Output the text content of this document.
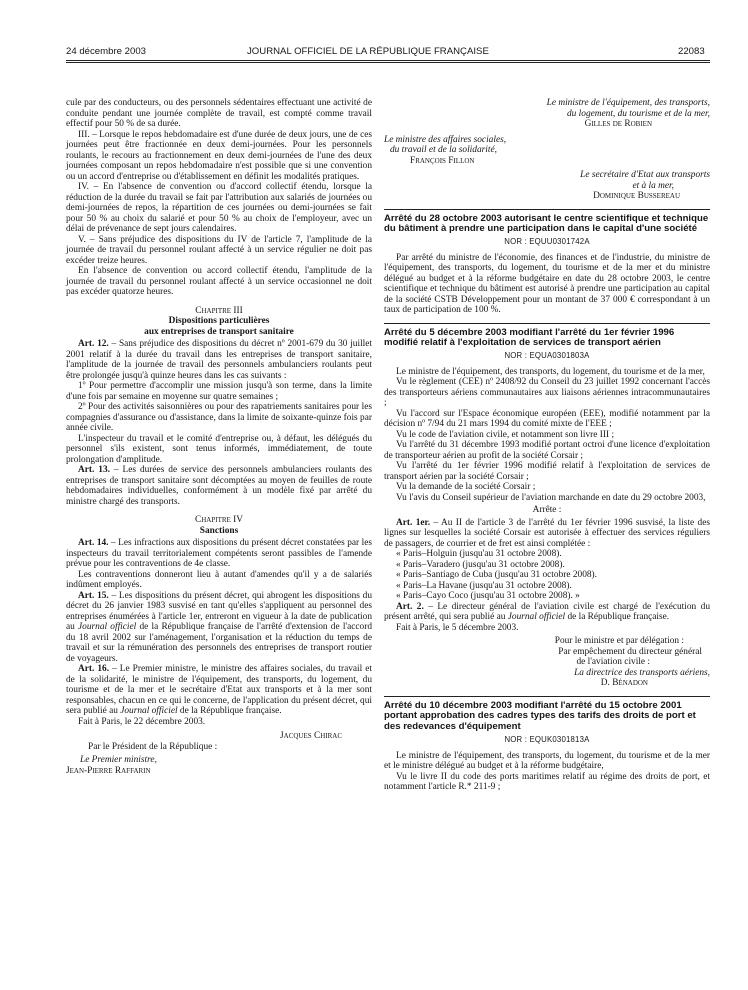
24 décembre 2003	JOURNAL OFFICIEL DE LA RÉPUBLIQUE FRANÇAISE	22083

cule par des conducteurs, ou des personnels sédentaires effectuant une activité de conduite pendant une journée complète de travail, est compté comme travail effectif pour 50 % de sa durée.

III. – Lorsque le repos hebdomadaire est d'une durée de deux jours, une de ces journées peut être fractionnée en deux demi-journées. Pour les personnels roulants, le recours au fractionnement en deux demi-journées de l'une des deux journées composant un repos hebdomadaire n'est possible que si une convention ou un accord d'entreprise ou d'établissement en définit les modalités pratiques.

IV. – En l'absence de convention ou d'accord collectif étendu, lorsque la réduction de la durée du travail se fait par l'attribution aux salariés de journées ou demi-journées de repos, la répartition de ces journées ou demi-journées se fait pour 50 % au choix du salarié et pour 50 % au choix de l'employeur, avec un délai de prévenance de sept jours calendaires.

V. – Sans préjudice des dispositions du IV de l'article 7, l'amplitude de la journée de travail du personnel roulant affecté à un service régulier ne doit pas excéder treize heures.

En l'absence de convention ou accord collectif étendu, l'amplitude de la journée de travail du personnel roulant affecté à un service occasionnel ne doit pas excéder quatorze heures.

Chapitre III

Dispositions particulières

aux entreprises de transport sanitaire

Art. 12. – Sans préjudice des dispositions du décret nº 2001-679 du 30 juillet 2001 relatif à la durée du travail dans les entreprises de transport sanitaire, l'amplitude de la journée de travail des personnels ambulanciers roulants peut être prolongée jusqu'à quinze heures dans les cas suivants :

1º Pour permettre d'accomplir une mission jusqu'à son terme, dans la limite d'une fois par semaine en moyenne sur quatre semaines ;

2º Pour des activités saisonnières ou pour des rapatriements sanitaires pour les compagnies d'assurance ou d'assistance, dans la limite de soixante-quinze fois par année civile.

L'inspecteur du travail et le comité d'entreprise ou, à défaut, les délégués du personnel s'ils existent, sont tenus informés, immédiatement, de toute prolongation d'amplitude.

Art. 13. – Les durées de service des personnels ambulanciers roulants des entreprises de transport sanitaire sont décomptées au moyen de feuilles de route hebdomadaires individuelles, conformément à un modèle fixé par arrêté du ministre chargé des transports.

Chapitre IV

Sanctions

Art. 14. – Les infractions aux dispositions du présent décret constatées par les inspecteurs du travail territorialement compétents seront passibles de l'amende prévue pour les contraventions de 4e classe.

Les contraventions donneront lieu à autant d'amendes qu'il y a de salariés indûment employés.

Art. 15. – Les dispositions du présent décret, qui abrogent les dispositions du décret du 26 janvier 1983 susvisé en tant qu'elles s'appliquent au personnel des entreprises énumérées à l'article 1er, entreront en vigueur à la date de publication au Journal officiel de la République française de l'arrêté d'extension de l'accord du 18 avril 2002 sur l'aménagement, l'organisation et la réduction du temps de travail et sur la rémunération des personnels des entreprises de transport routier de voyageurs.

Art. 16. – Le Premier ministre, le ministre des affaires sociales, du travail et de la solidarité, le ministre de l'équipement, des transports, du logement, du tourisme et de la mer et le secrétaire d'Etat aux transports et à la mer sont responsables, chacun en ce qui le concerne, de l'application du présent décret, qui sera publié au Journal officiel de la République française.

Fait à Paris, le 22 décembre 2003.

Jacques Chirac

Par le Président de la République :

Le Premier ministre,

Jean-Pierre Raffarin

Le ministre de l'équipement, des transports,

du logement, du tourisme et de la mer,

Gilles de Robien

Le ministre des affaires sociales,

du travail et de la solidarité,

François Fillon

Le secrétaire d'Etat aux transports

et à la mer,

Dominique Bussereau

Arrêté du 28 octobre 2003 autorisant le centre scientifique et technique du bâtiment à prendre une participation dans le capital d'une société

NOR : EQUU0301742A

Par arrêté du ministre de l'économie, des finances et de l'industrie, du ministre de l'équipement, des transports, du logement, du tourisme et de la mer et du ministre délégué au budget et à la réforme budgétaire en date du 28 octobre 2003, le centre scientifique et technique du bâtiment est autorisé à prendre une participation au capital de la société CSTB Développement pour un montant de 37 000 € correspondant à un taux de participation de 100 %.

Arrêté du 5 décembre 2003 modifiant l'arrêté du 1er février 1996 modifié relatif à l'exploitation de services de transport aérien

NOR : EQUA0301803A

Le ministre de l'équipement, des transports, du logement, du tourisme et de la mer,

Vu le règlement (CEE) nº 2408/92 du Conseil du 23 juillet 1992 concernant l'accès des transporteurs aériens communautaires aux liaisons aériennes intracommunautaires ;

Vu l'accord sur l'Espace économique européen (EEE), modifié notamment par la décision nº 7/94 du 21 mars 1994 du comité mixte de l'EEE ;

Vu le code de l'aviation civile, et notamment son livre III ;

Vu l'arrêté du 31 décembre 1993 modifié portant octroi d'une licence d'exploitation de transporteur aérien au profit de la société Corsair ;

Vu l'arrêté du 1er février 1996 modifié relatif à l'exploitation de services de transport aérien par la société Corsair ;

Vu la demande de la société Corsair ;

Vu l'avis du Conseil supérieur de l'aviation marchande en date du 29 octobre 2003,

Arrête :

Art. 1er. – Au II de l'article 3 de l'arrêté du 1er février 1996 susvisé, la liste des lignes sur lesquelles la société Corsair est autorisée à effectuer des services réguliers de passagers, de courrier et de fret est ainsi complétée :

« Paris–Holguin (jusqu'au 31 octobre 2008).

« Paris–Varadero (jusqu'au 31 octobre 2008).

« Paris–Santiago de Cuba (jusqu'au 31 octobre 2008).

« Paris–La Havane (jusqu'au 31 octobre 2008).

« Paris–Cayo Coco (jusqu'au 31 octobre 2008). »

Art. 2. – Le directeur général de l'aviation civile est chargé de l'exécution du présent arrêté, qui sera publié au Journal officiel de la République française.

Fait à Paris, le 5 décembre 2003.

Pour le ministre et par délégation :

Par empêchement du directeur général

de l'aviation civile :

La directrice des transports aériens,

D. Bénadon

Arrêté du 10 décembre 2003 modifiant l'arrêté du 15 octobre 2001 portant approbation des cadres types des tarifs des droits de port et des redevances d'équipement

NOR : EQUK0301813A

Le ministre de l'équipement, des transports, du logement, du tourisme et de la mer et le ministre délégué au budget et à la réforme budgétaire,

Vu le livre II du code des ports maritimes relatif au régime des droits de port, et notamment l'article R.* 211-9 ;
